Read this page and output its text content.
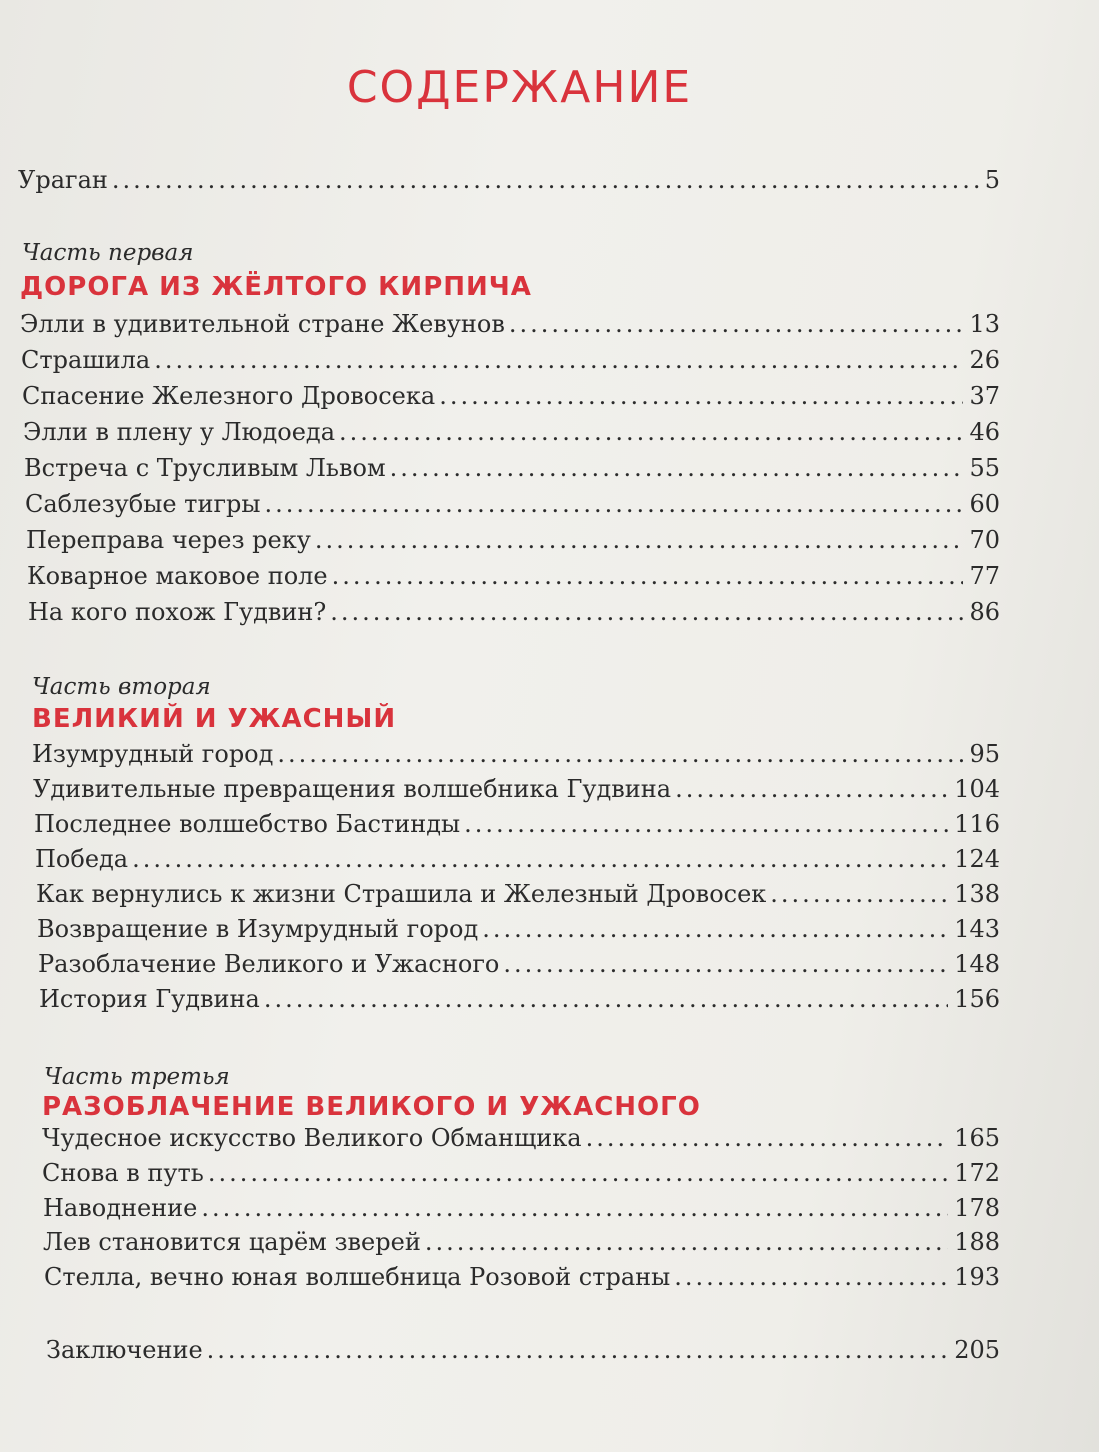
СОДЕРЖАНИЕ
Ураган .....	5
Часть первая
ДОРОГА ИЗ ЖЁЛТОГО КИРПИЧА
Элли в удивительной стране Жевунов .....	13
Страшила .....	26
Спасение Железного Дровосека .....	37
Элли в плену у Людоеда .....	46
Встреча с Трусливым Львом .....	55
Саблезубые тигры .....	60
Переправа через реку .....	70
Коварное маковое поле .....	77
На кого похож Гудвин? .....	86
Часть вторая
ВЕЛИКИЙ И УЖАСНЫЙ
Изумрудный город .....	95
Удивительные превращения волшебника Гудвина .....	104
Последнее волшебство Бастинды .....	116
Победа .....	124
Как вернулись к жизни Страшила и Железный Дровосек .....	138
Возвращение в Изумрудный город .....	143
Разоблачение Великого и Ужасного .....	148
История Гудвина .....	156
Часть третья
РАЗОБЛАЧЕНИЕ ВЕЛИКОГО И УЖАСНОГО
Чудесное искусство Великого Обманщика .....	165
Снова в путь .....	172
Наводнение .....	178
Лев становится царём зверей .....	188
Стелла, вечно юная волшебница Розовой страны .....	193
Заключение .....	205
